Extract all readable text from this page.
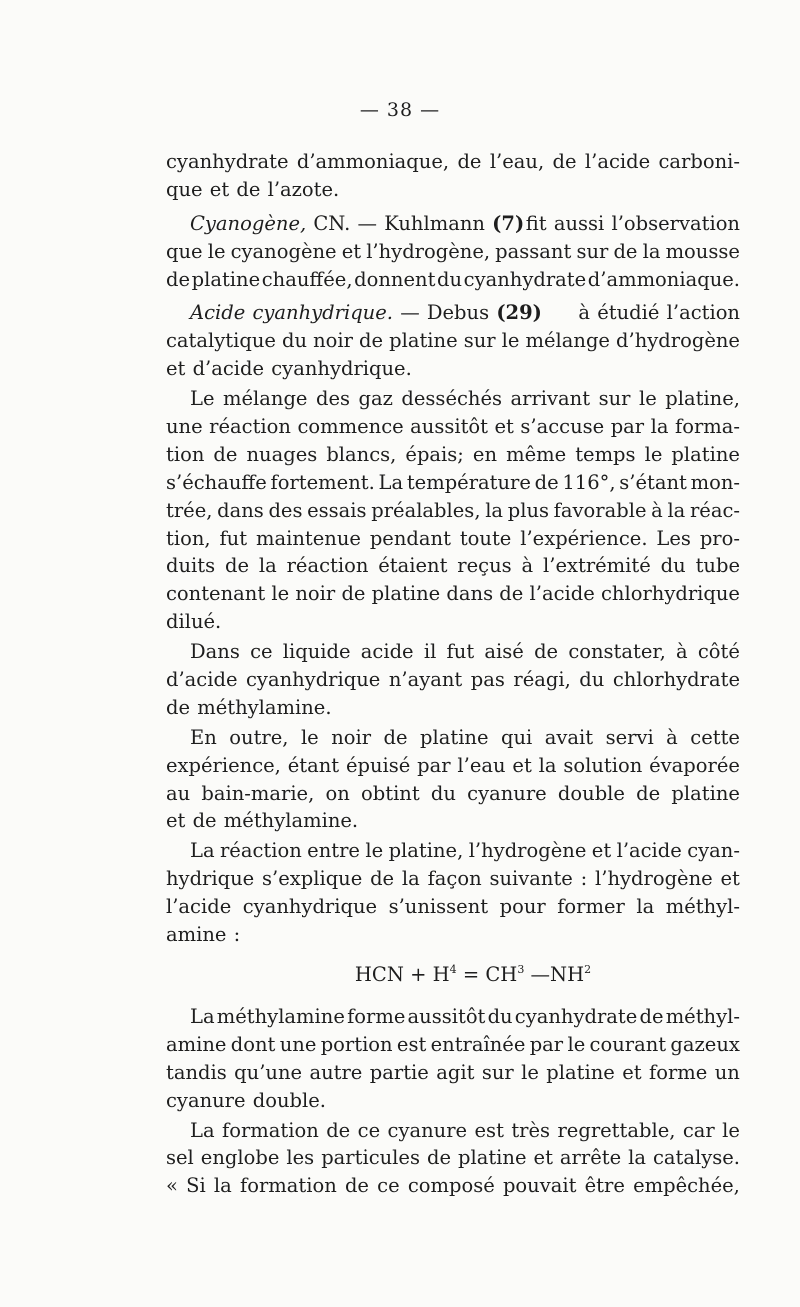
— 38 —
cyanhydrate d’ammoniaque, de l’eau, de l’acide carboni-
que et de l’azote.
Cyanogène, CN. — Kuhlmann (7) fit aussi l’observation
que le cyanogène et l’hydrogène, passant sur de la mousse
de platine chauffée, donnent du cyanhydrate d’ammoniaque.
Acide cyanhydrique. — Debus (29) à étudié l’action
catalytique du noir de platine sur le mélange d’hydrogène
et d’acide cyanhydrique.
Le mélange des gaz desséchés arrivant sur le platine,
une réaction commence aussitôt et s’accuse par la forma-
tion de nuages blancs, épais; en même temps le platine
s’échauffe fortement. La température de 116°, s’étant mon-
trée, dans des essais préalables, la plus favorable à la réac-
tion, fut maintenue pendant toute l’expérience. Les pro-
duits de la réaction étaient reçus à l’extrémité du tube
contenant le noir de platine dans de l’acide chlorhydrique
dilué.
Dans ce liquide acide il fut aisé de constater, à côté
d’acide cyanhydrique n’ayant pas réagi, du chlorhydrate
de méthylamine.
En outre, le noir de platine qui avait servi à cette
expérience, étant épuisé par l’eau et la solution évaporée
au bain-marie, on obtint du cyanure double de platine
et de méthylamine.
La réaction entre le platine, l’hydrogène et l’acide cyan-
hydrique s’explique de la façon suivante : l’hydrogène et
l’acide cyanhydrique s’unissent pour former la méthyl-
amine :
HCN + $H^4 = CH^3$ $—NH^2$
La méthylamine forme aussitôt du cyanhydrate de méthyl-
amine dont une portion est entraînée par le courant gazeux
tandis qu’une autre partie agit sur le platine et forme un
cyanure double.
La formation de ce cyanure est très regrettable, car le
sel englobe les particules de platine et arrête la catalyse.
« Si la formation de ce composé pouvait être empêchée,
